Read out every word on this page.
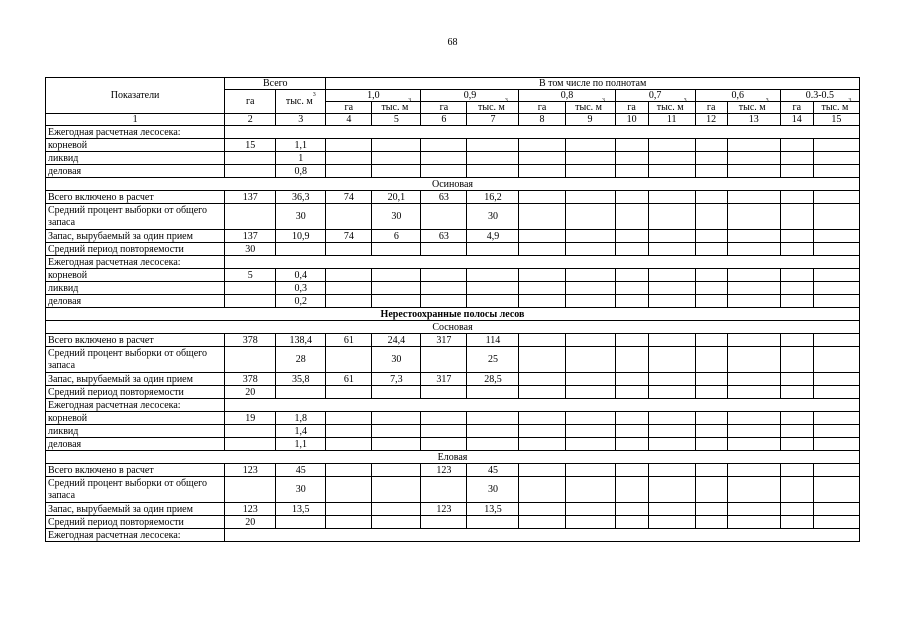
68
Показатели	Всего		В том числе по полнотам											
	га	тыс. $м^3$	1,0		0,9		0,8		0,7		0,6		0.3-0.5	
			га	тыс. $м^3$	га	тыс. $м^3$	га	тыс. $м^3$	га	тыс. $м^3$	га	тыс. $м^3$	га	тыс. $м^3$
1	2	3	4	5	6	7	8	9	10	11	12	13	14	15
Ежегодная расчетная лесосека:														
корневой	15	1,1												
ликвид		1												
деловая		0,8												
Осиновая														
Всего включено в расчет	137	36,3	74	20,1	63	16,2								
Средний процент выборки от общего запаса		30		30		30								
Запас, вырубаемый за один прием	137	10,9	74	6	63	4,9								
Средний период повторяемости	30													
Ежегодная расчетная лесосека:														
корневой	5	0,4												
ликвид		0,3												
деловая		0,2												
Нерестоохранные полосы лесов														
Сосновая														
Всего включено в расчет	378	138,4	61	24,4	317	114								
Средний процент выборки от общего запаса		28		30		25								
Запас, вырубаемый за один прием	378	35,8	61	7,3	317	28,5								
Средний период повторяемости	20													
Ежегодная расчетная лесосека:														
корневой	19	1,8												
ликвид		1,4												
деловая		1,1												
Еловая														
Всего включено в расчет	123	45			123	45								
Средний процент выборки от общего запаса		30				30								
Запас, вырубаемый за один прием	123	13,5			123	13,5								
Средний период повторяемости	20													
Ежегодная расчетная лесосека:														
